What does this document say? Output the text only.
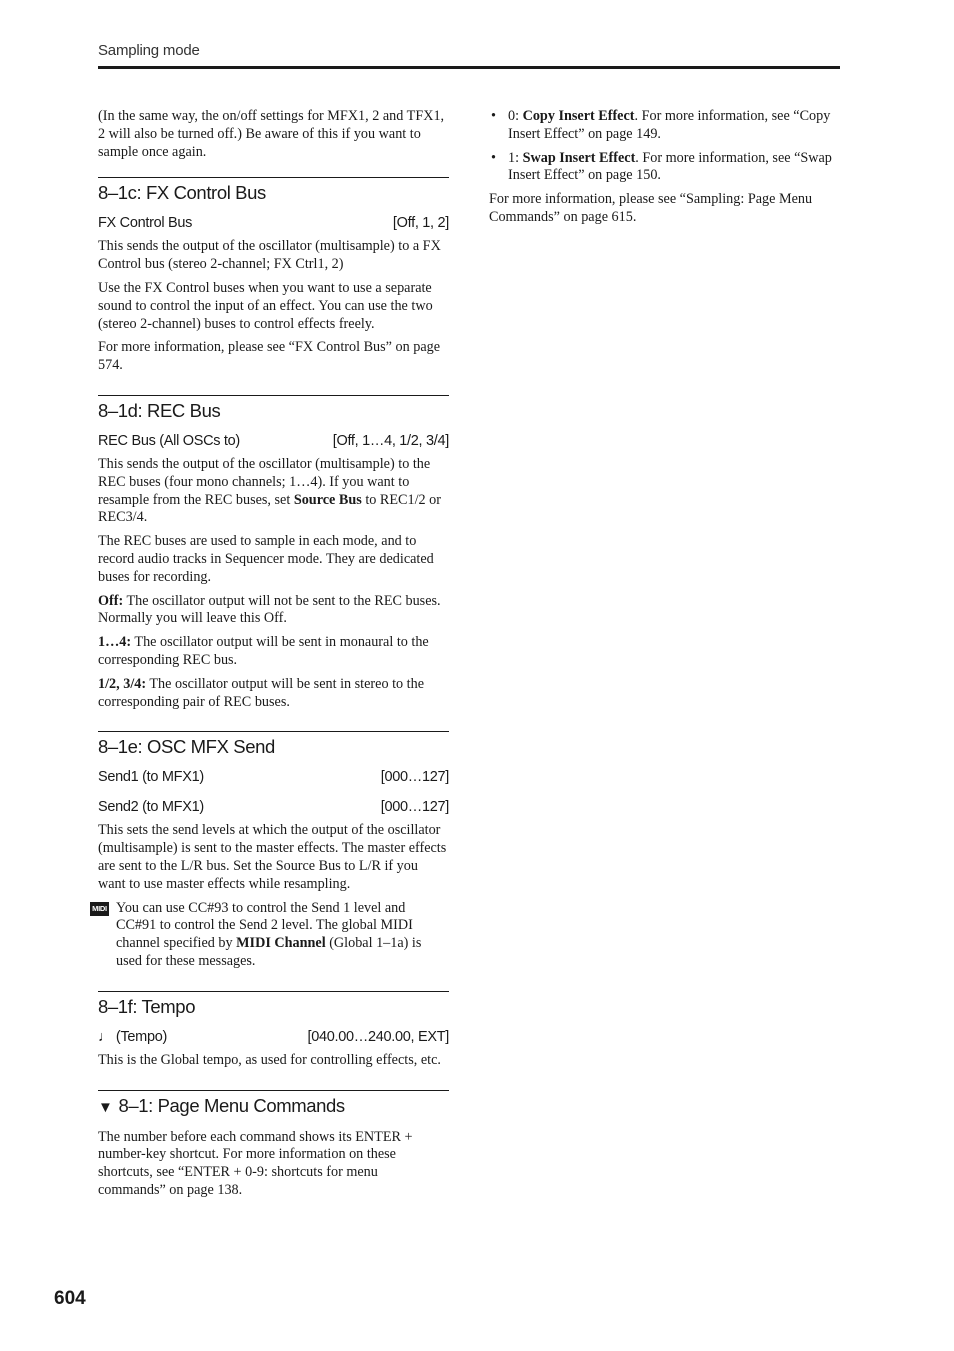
Sampling mode

(In the same way, the on/off settings for MFX1, 2 and TFX1, 2 will also be turned off.) Be aware of this if you want to sample once again.

8–1c: FX Control Bus
FX Control Bus	[Off, 1, 2]

This sends the output of the oscillator (multisample) to a FX Control bus (stereo 2-channel; FX Ctrl1, 2)

Use the FX Control buses when you want to use a separate sound to control the input of an effect. You can use the two (stereo 2-channel) buses to control effects freely.

For more information, please see “FX Control Bus” on page 574.

8–1d: REC Bus
REC Bus (All OSCs to)	[Off, 1…4, 1/2, 3/4]

This sends the output of the oscillator (multisample) to the REC buses (four mono channels; 1…4). If you want to resample from the REC buses, set Source Bus to REC1/2 or REC3/4.

The REC buses are used to sample in each mode, and to record audio tracks in Sequencer mode. They are dedicated buses for recording.

Off: The oscillator output will not be sent to the REC buses. Normally you will leave this Off.

1…4: The oscillator output will be sent in monaural to the corresponding REC bus.

1/2, 3/4: The oscillator output will be sent in stereo to the corresponding pair of REC buses.

8–1e: OSC MFX Send
Send1 (to MFX1)	[000…127]
Send2 (to MFX1)	[000…127]

This sets the send levels at which the output of the oscillator (multisample) is sent to the master effects. The master effects are sent to the L/R bus. Set the Source Bus to L/R if you want to use master effects while resampling.

MIDI You can use CC#93 to control the Send 1 level and CC#91 to control the Send 2 level. The global MIDI channel specified by MIDI Channel (Global 1–1a) is used for these messages.

8–1f: Tempo
♩ (Tempo)	[040.00…240.00, EXT]

This is the Global tempo, as used for controlling effects, etc.

▼ 8–1: Page Menu Commands

The number before each command shows its ENTER + number-key shortcut. For more information on these shortcuts, see “ENTER + 0-9: shortcuts for menu commands” on page 138.

• 0: Copy Insert Effect. For more information, see “Copy Insert Effect” on page 149.
• 1: Swap Insert Effect. For more information, see “Swap Insert Effect” on page 150.

For more information, please see “Sampling: Page Menu Commands” on page 615.

604
